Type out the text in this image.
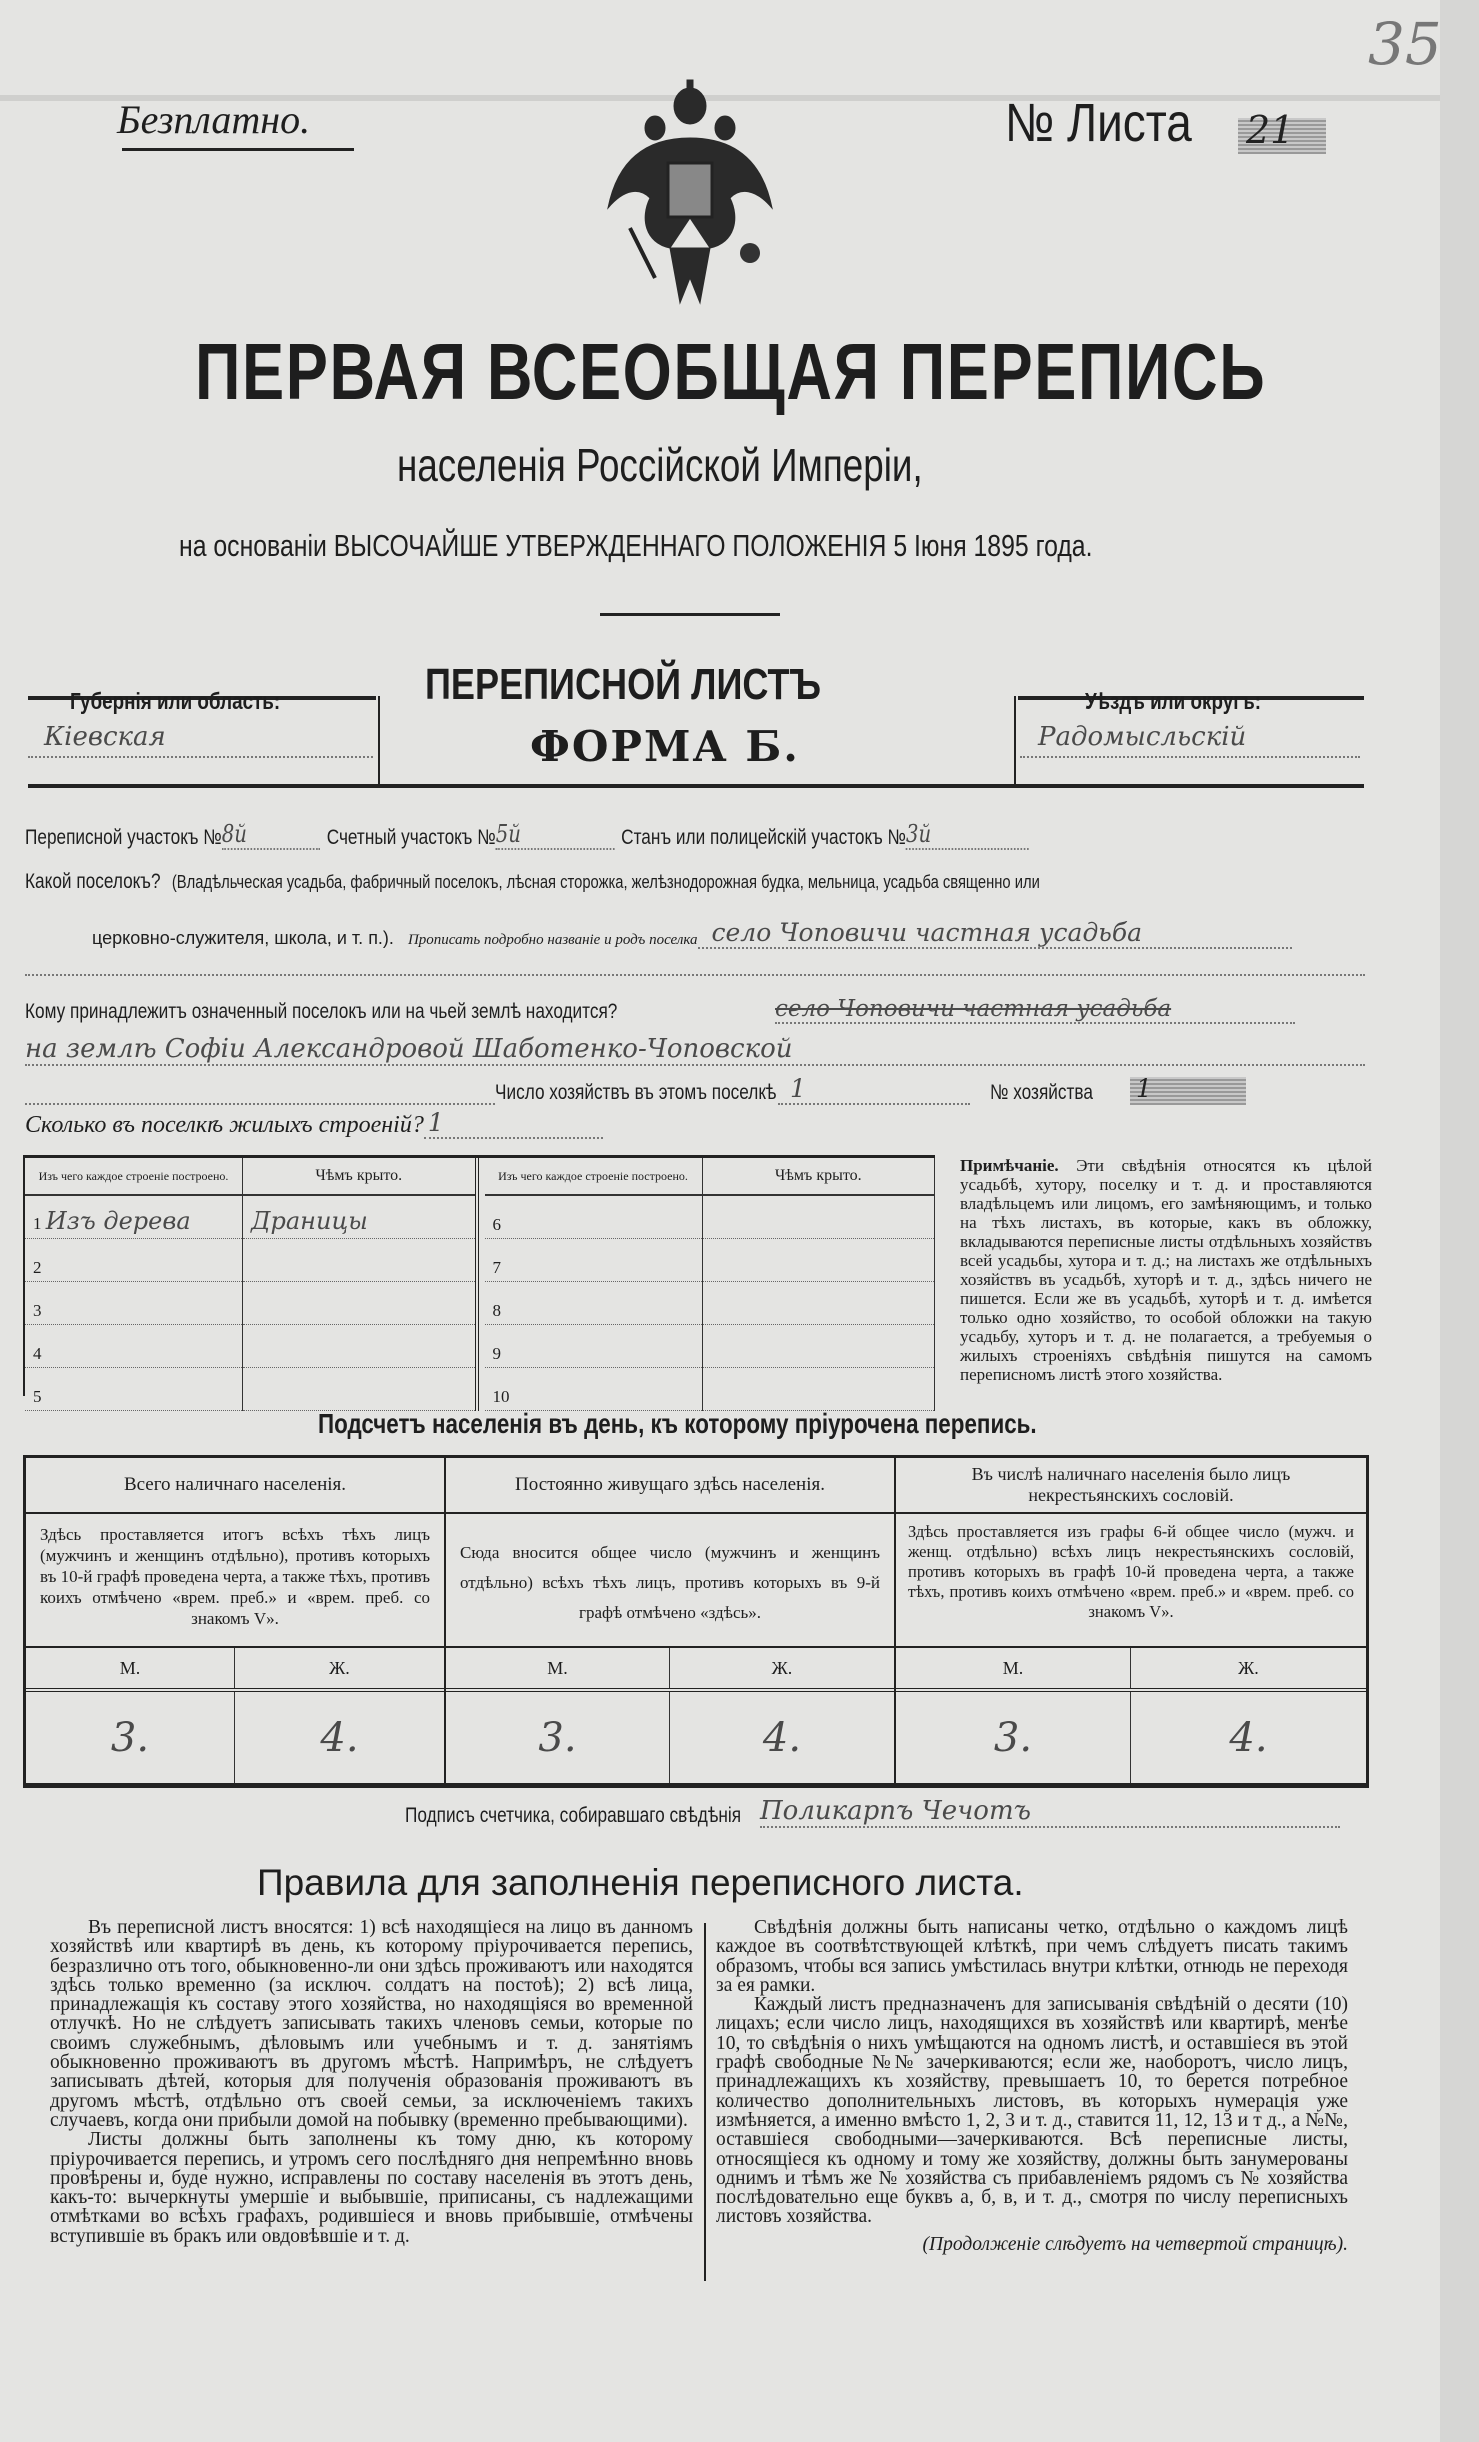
35
Безплатно.	№ Листа 21
ПЕРВАЯ ВСЕОБЩАЯ ПЕРЕПИСЬ
населенія Россійской Имперіи,
на основаніи ВЫСОЧАЙШЕ УТВЕРЖДЕННАГО ПОЛОЖЕНІЯ 5 Іюня 1895 года.
Губернія или область:
Кіевская
ПЕРЕПИСНОЙ ЛИСТЪ
ФОРМА Б.
Уѣздъ или округъ:
Радомысльскій
Переписной участокъ № 8й	Счетный участокъ № 5й	Станъ или полицейскій участокъ № 3й
Какой поселокъ? (Владѣльческая усадьба, фабричный поселокъ, лѣсная сторожка, желѣзнодорожная будка, мельница, усадьба священно или
церковно-служителя, школа, и т. п.). Прописать подробно названіе и родъ поселка село Чоповичи частная усадьба
Кому принадлежитъ означенный поселокъ или на чьей землѣ находится?	село Чоповичи частная усадьба
на землѣ Софіи Александровой Шаботенко-Чоповской
Число хозяйствъ въ этомъ поселкѣ 1	№ хозяйства	1
Сколько въ поселкѣ жилыхъ строеній? 1
Изъ чего каждое строеніе построено.	Чѣмъ крыто.
1 Изъ дерева	Драницы
2	
3	
4	
5	
Изъ чего каждое строеніе построено.	Чѣмъ крыто.
6	
7	
8	
9	
10	
Примѣчаніе. Эти свѣдѣнія относятся къ цѣлой усадьбѣ, хутору, поселку и т. д. и проставляются владѣльцемъ или лицомъ, его замѣняющимъ, и только на тѣхъ листахъ, въ которые, какъ въ обложку, вкладываются переписные листы отдѣльныхъ хозяйствъ всей усадьбы, хутора и т. д.; на листахъ же отдѣльныхъ хозяйствъ въ усадьбѣ, хуторѣ и т. д., здѣсь ничего не пишется. Если же въ усадьбѣ, хуторѣ и т. д. имѣется только одно хозяйство, то особой обложки на такую усадьбу, хуторъ и т. д. не полагается, а требуемыя о жилыхъ строеніяхъ свѣдѣнія пишутся на самомъ переписномъ листѣ этого хозяйства.
Подсчетъ населенія въ день, къ которому пріурочена перепись.
Всего наличнаго населенія.
Здѣсь проставляется итогъ всѣхъ тѣхъ лицъ (мужчинъ и женщинъ отдѣльно), противъ которыхъ въ 10-й графѣ проведена черта, а также тѣхъ, противъ коихъ отмѣчено «врем. преб.» и «врем. преб. со знакомъ V».
М.	Ж.
3.	4.
Постоянно живущаго здѣсь населенія.
Сюда вносится общее число (мужчинъ и женщинъ отдѣльно) всѣхъ тѣхъ лицъ, противъ которыхъ въ 9-й графѣ отмѣчено «здѣсь».
М.	Ж.
3.	4.
Въ числѣ наличнаго населенія было лицъ некрестьянскихъ сословій.
Здѣсь проставляется изъ графы 6-й общее число (мужч. и женщ. отдѣльно) всѣхъ лицъ некрестьянскихъ сословій, противъ которыхъ въ графѣ 10-й проведена черта, а также тѣхъ, противъ коихъ отмѣчено «врем. преб.» и «врем. преб. со знакомъ V».
М.	Ж.
3.	4.
Подписъ счетчика, собиравшаго свѣдѣнія Поликарпъ Чечотъ
Правила для заполненія переписного листа.

Въ переписной листъ вносятся: 1) всѣ находящіеся на лицо въ данномъ хозяйствѣ или квартирѣ въ день, къ которому пріурочивается перепись, безразлично отъ того, обыкновенно-ли они здѣсь проживаютъ или находятся здѣсь только временно (за исключ. солдатъ на постоѣ); 2) всѣ лица, принадлежащія къ составу этого хозяйства, но находящіяся во временной отлучкѣ. Но не слѣдуетъ записывать такихъ членовъ семьи, которые по своимъ служебнымъ, дѣловымъ или учебнымъ и т. д. занятіямъ обыкновенно проживаютъ въ другомъ мѣстѣ. Напримѣръ, не слѣдуетъ записывать дѣтей, которыя для полученія образованія проживаютъ въ другомъ мѣстѣ, отдѣльно отъ своей семьи, за исключеніемъ такихъ случаевъ, когда они прибыли домой на побывку (временно пребывающими).

Листы должны быть заполнены къ тому дню, къ которому пріурочивается перепись, и утромъ сего послѣдняго дня непремѣнно вновь провѣрены и, буде нужно, исправлены по составу населенія въ этотъ день, какъ-то: вычеркнуты умершіе и выбывшіе, приписаны, съ надлежащими отмѣтками во всѣхъ графахъ, родившіеся и вновь прибывшіе, отмѣчены вступившіе въ бракъ или овдовѣвшіе и т. д.

Свѣдѣнія должны быть написаны четко, отдѣльно о каждомъ лицѣ каждое въ соотвѣтствующей клѣткѣ, при чемъ слѣдуетъ писать такимъ образомъ, чтобы вся запись умѣстилась внутри клѣтки, отнюдь не переходя за ея рамки.

Каждый листъ предназначенъ для записыванія свѣдѣній о десяти (10) лицахъ; если число лицъ, находящихся въ хозяйствѣ или квартирѣ, менѣе 10, то свѣдѣнія о нихъ умѣщаются на одномъ листѣ, и оставшіеся въ этой графѣ свободные №№ зачеркиваются; если же, наоборотъ, число лицъ, принадлежащихъ къ хозяйству, превышаетъ 10, то берется потребное количество дополнительныхъ листовъ, въ которыхъ нумерація уже измѣняется, а именно вмѣсто 1, 2, 3 и т. д., ставится 11, 12, 13 и т д., а №№, оставшіеся свободными—зачеркиваются. Всѣ переписные листы, относящіеся къ одному и тому же хозяйству, должны быть занумерованы однимъ и тѣмъ же № хозяйства съ прибавленіемъ рядомъ съ № хозяйства послѣдовательно еще буквъ а, б, в, и т. д., смотря по числу переписныхъ листовъ хозяйства.

(Продолженіе слѣдуетъ на четвертой страницѣ).
